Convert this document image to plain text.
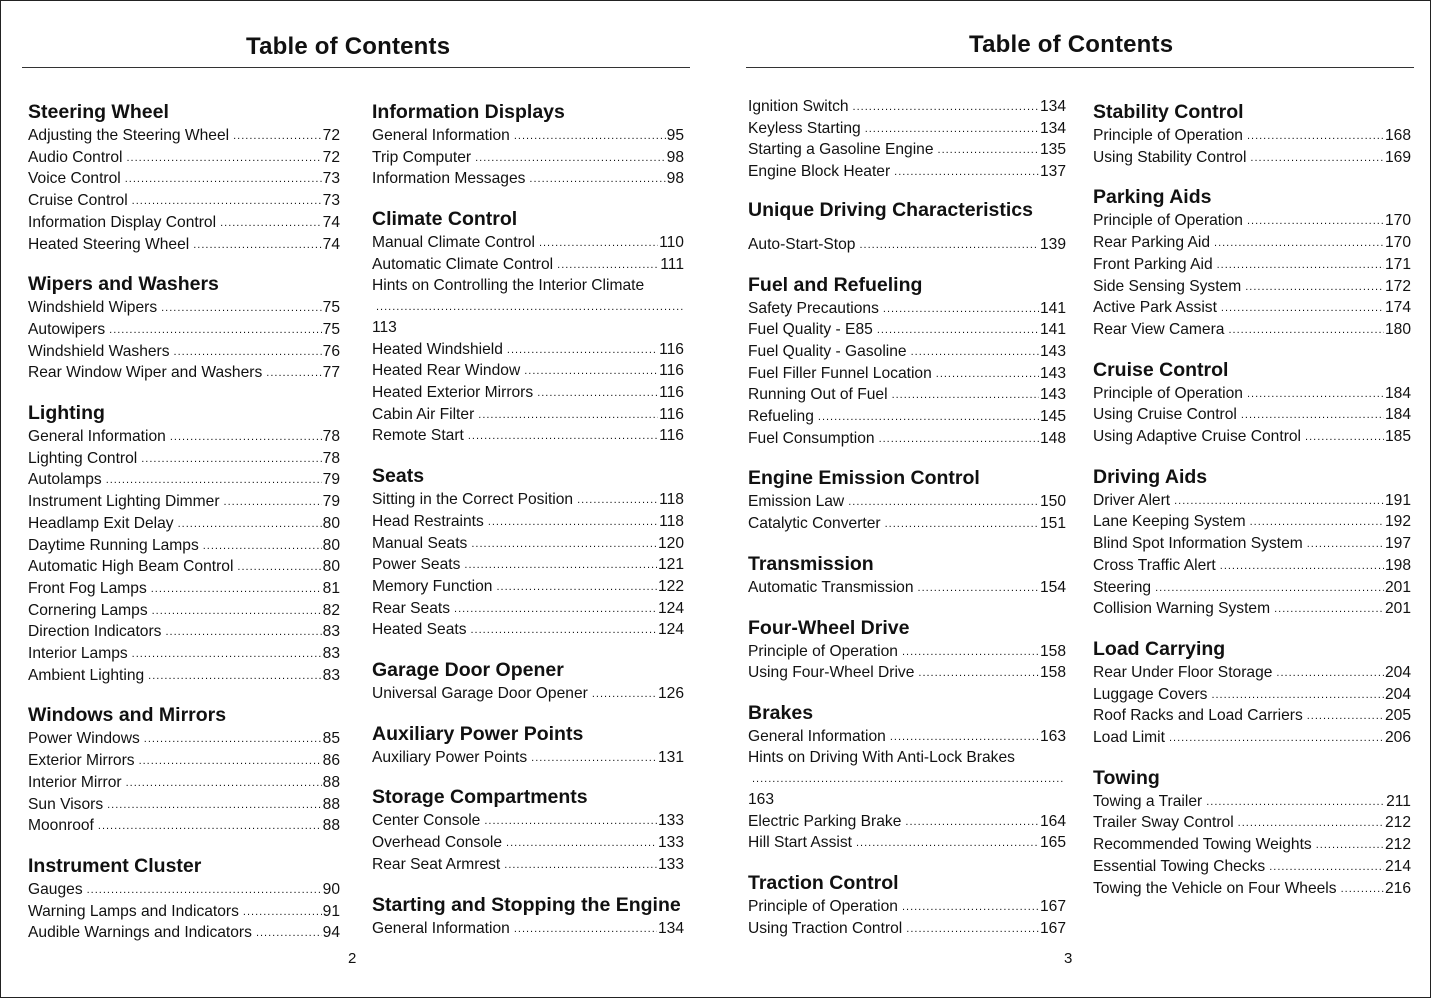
Table of Contents
Steering Wheel
Adjusting the Steering Wheel .....	72
Audio Control .....	72
Voice Control .....	73
Cruise Control .....	73
Information Display Control .....	74
Heated Steering Wheel .....	74
Wipers and Washers
Windshield Wipers .....	75
Autowipers .....	75
Windshield Washers .....	76
Rear Window Wiper and Washers .....	77
Lighting
General Information .....	78
Lighting Control .....	78
Autolamps .....	79
Instrument Lighting Dimmer .....	79
Headlamp Exit Delay .....	80
Daytime Running Lamps .....	80
Automatic High Beam Control .....	80
Front Fog Lamps .....	81
Cornering Lamps .....	82
Direction Indicators .....	83
Interior Lamps .....	83
Ambient Lighting .....	83
Windows and Mirrors
Power Windows .....	85
Exterior Mirrors .....	86
Interior Mirror .....	88
Sun Visors .....	88
Moonroof .....	88
Instrument Cluster
Gauges .....	90
Warning Lamps and Indicators .....	91
Audible Warnings and Indicators .....	94
Information Displays
General Information .....	95
Trip Computer .....	98
Information Messages .....	98
Climate Control
Manual Climate Control .....	110
Automatic Climate Control .....	111
Hints on Controlling the Interior Climate
.....
113
Heated Windshield .....	116
Heated Rear Window .....	116
Heated Exterior Mirrors .....	116
Cabin Air Filter .....	116
Remote Start .....	116
Seats
Sitting in the Correct Position .....	118
Head Restraints .....	118
Manual Seats .....	120
Power Seats .....	121
Memory Function .....	122
Rear Seats .....	124
Heated Seats .....	124
Garage Door Opener
Universal Garage Door Opener .....	126
Auxiliary Power Points
Auxiliary Power Points .....	131
Storage Compartments
Center Console .....	133
Overhead Console .....	133
Rear Seat Armrest .....	133
Starting and Stopping the Engine
General Information .....	134
2
Table of Contents
Ignition Switch .....	134
Keyless Starting .....	134
Starting a Gasoline Engine .....	135
Engine Block Heater .....	137
Unique Driving Characteristics
Auto-Start-Stop .....	139
Fuel and Refueling
Safety Precautions .....	141
Fuel Quality - E85 .....	141
Fuel Quality - Gasoline .....	143
Fuel Filler Funnel Location .....	143
Running Out of Fuel .....	143
Refueling .....	145
Fuel Consumption .....	148
Engine Emission Control
Emission Law .....	150
Catalytic Converter .....	151
Transmission
Automatic Transmission .....	154
Four-Wheel Drive
Principle of Operation .....	158
Using Four-Wheel Drive .....	158
Brakes
General Information .....	163
Hints on Driving With Anti-Lock Brakes
.....
163
Electric Parking Brake .....	164
Hill Start Assist .....	165
Traction Control
Principle of Operation .....	167
Using Traction Control .....	167
Stability Control
Principle of Operation .....	168
Using Stability Control .....	169
Parking Aids
Principle of Operation .....	170
Rear Parking Aid .....	170
Front Parking Aid .....	171
Side Sensing System .....	172
Active Park Assist .....	174
Rear View Camera .....	180
Cruise Control
Principle of Operation .....	184
Using Cruise Control .....	184
Using Adaptive Cruise Control .....	185
Driving Aids
Driver Alert .....	191
Lane Keeping System .....	192
Blind Spot Information System .....	197
Cross Traffic Alert .....	198
Steering .....	201
Collision Warning System .....	201
Load Carrying
Rear Under Floor Storage .....	204
Luggage Covers .....	204
Roof Racks and Load Carriers .....	205
Load Limit .....	206
Towing
Towing a Trailer .....	211
Trailer Sway Control .....	212
Recommended Towing Weights .....	212
Essential Towing Checks .....	214
Towing the Vehicle on Four Wheels .....	216
3
